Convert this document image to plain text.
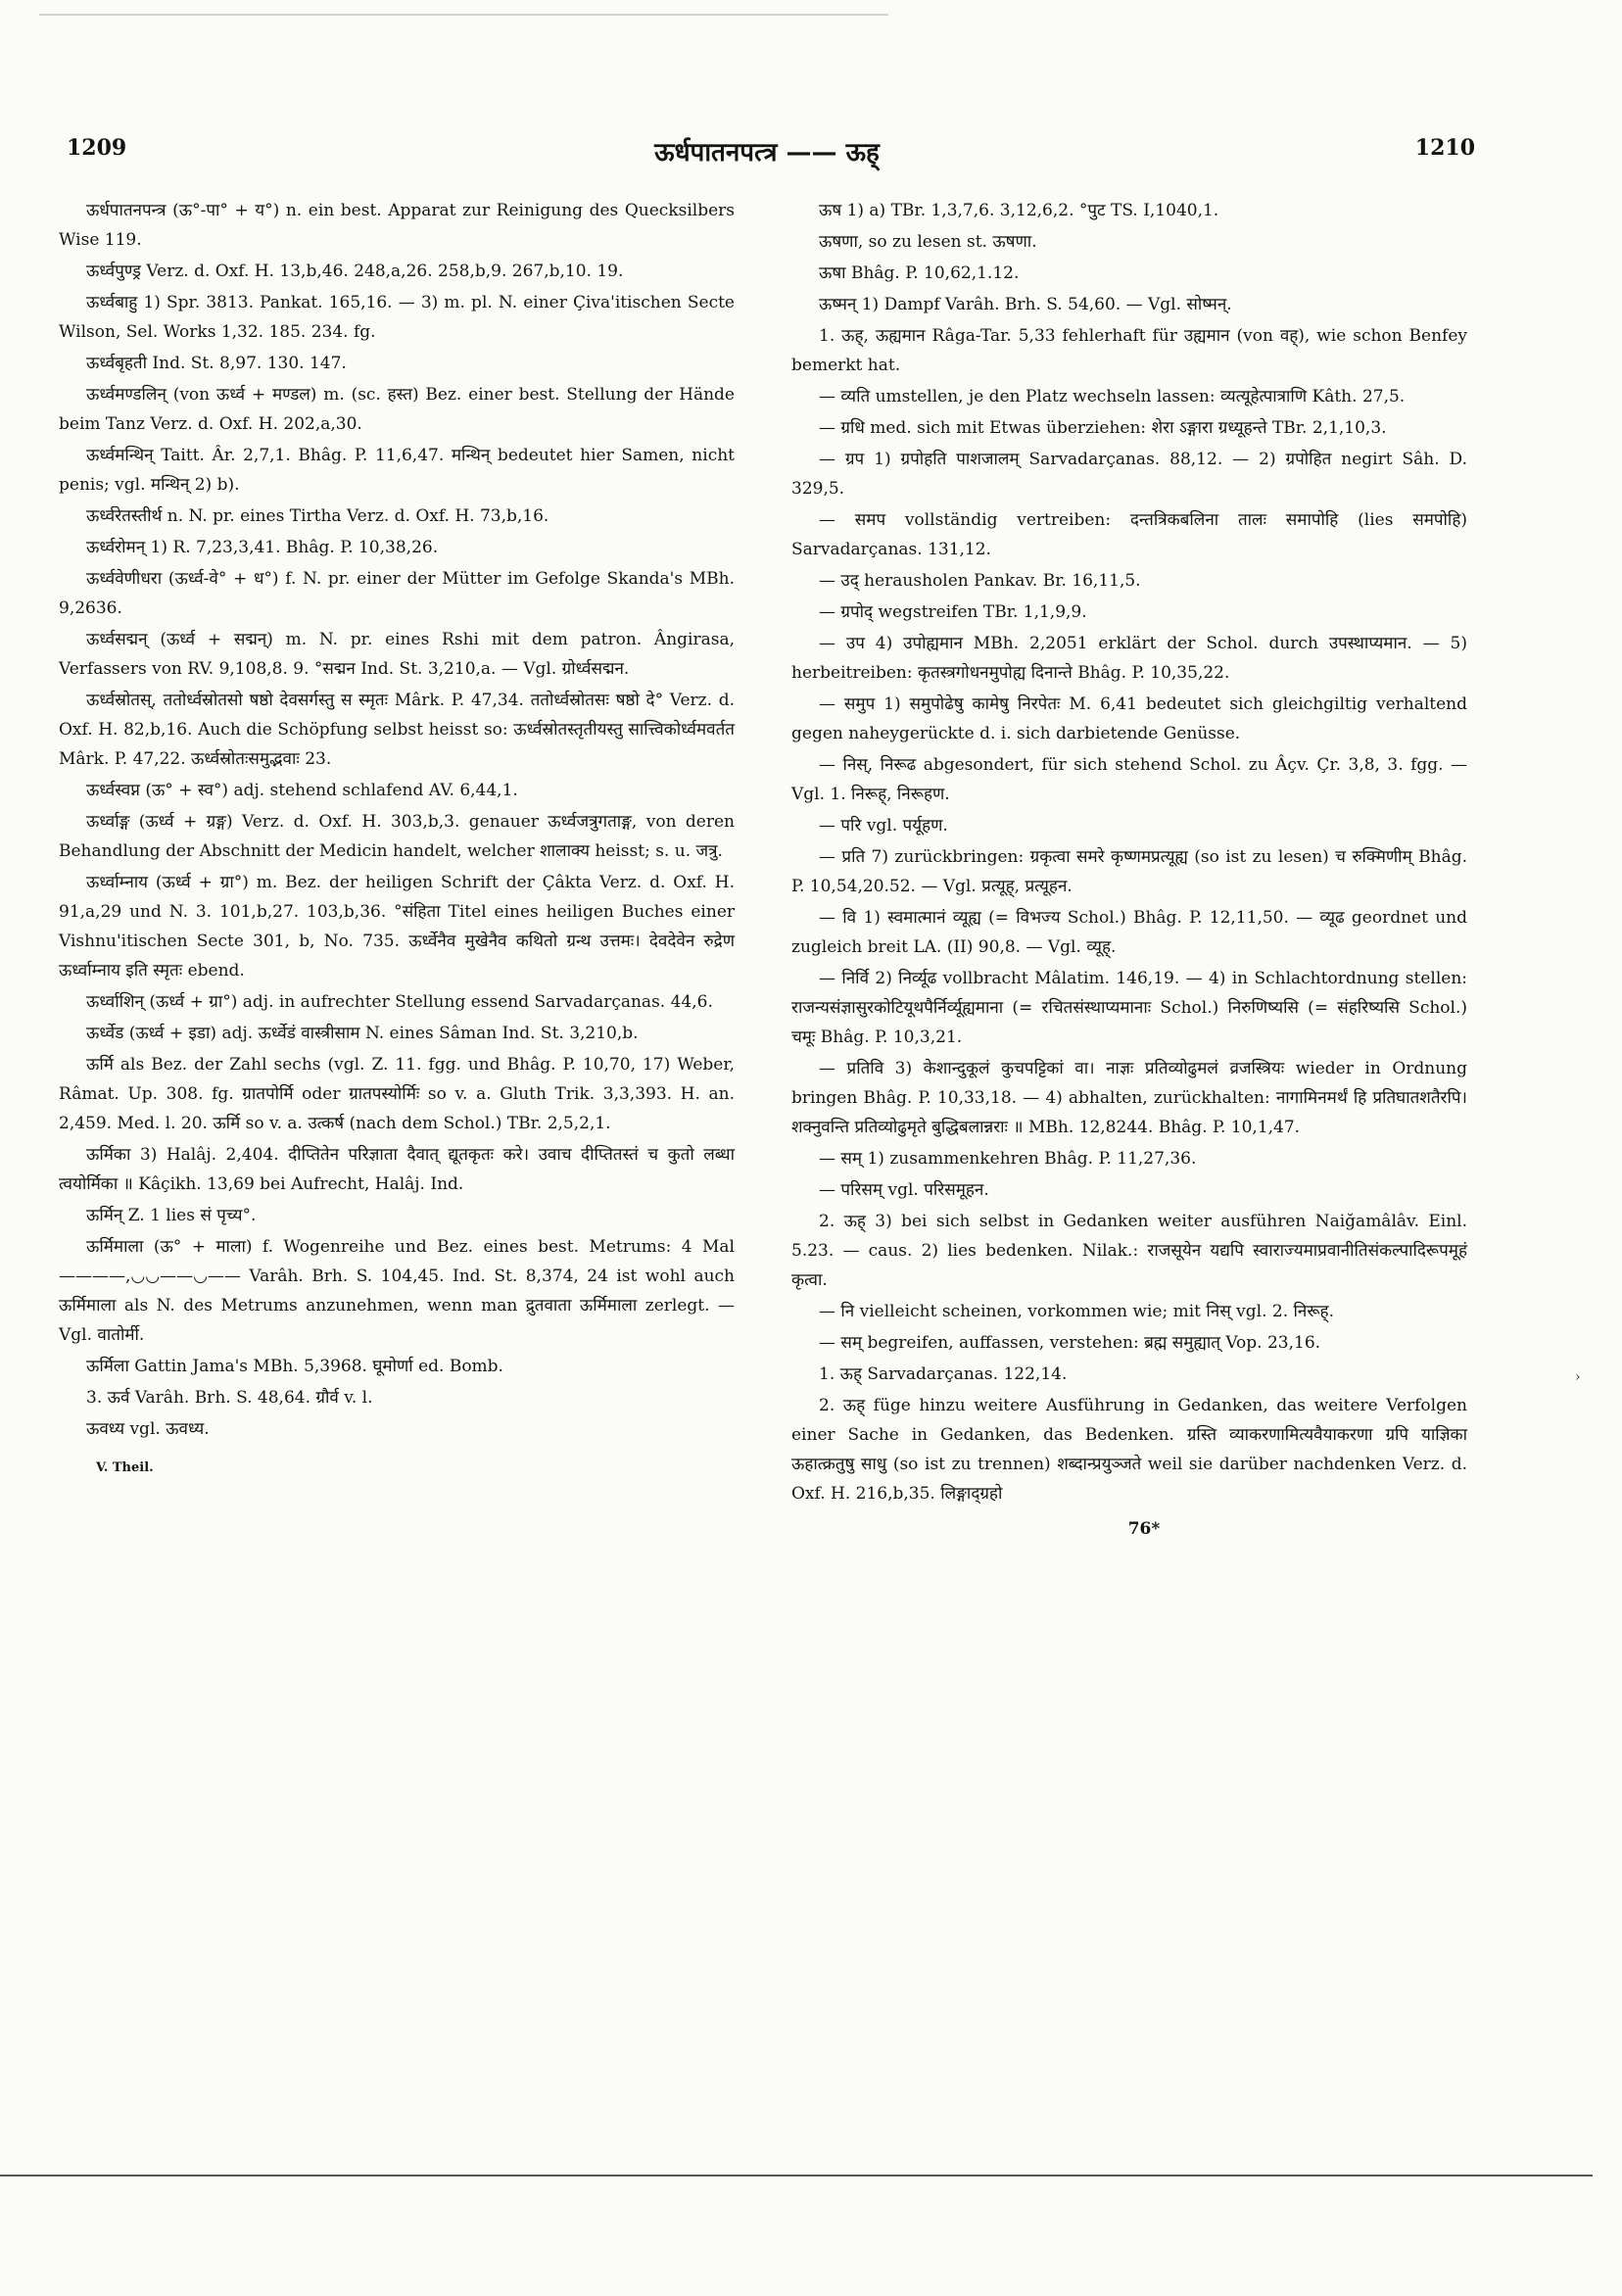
1209	ऊर्धपातनपत्त्र —— ऊह्	1210

ऊर्धपातनपन्त्र (ऊ°-पा° + य°) n. ein best. Apparat zur Reinigung des Quecksilbers Wise 119.

ऊर्ध्वपुण्ड्र Verz. d. Oxf. H. 13,b,46. 248,a,26. 258,b,9. 267,b,10. 19.

ऊर्ध्वबाहु 1) Spr. 3813. Pankat. 165,16. — 3) m. pl. N. einer Çiva'itischen Secte Wilson, Sel. Works 1,32. 185. 234. fg.

ऊर्ध्वबृहती Ind. St. 8,97. 130. 147.

ऊर्ध्वमण्डलिन् (von ऊर्ध्व + मण्डल) m. (sc. हस्त) Bez. einer best. Stellung der Hände beim Tanz Verz. d. Oxf. H. 202,a,30.

ऊर्ध्वमन्थिन् Taitt. Âr. 2,7,1. Bhâg. P. 11,6,47. मन्थिन् bedeutet hier Samen, nicht penis; vgl. मन्थिन् 2) b).

ऊर्ध्वरेतस्तीर्थ n. N. pr. eines Tirtha Verz. d. Oxf. H. 73,b,16.

ऊर्ध्वरोमन् 1) R. 7,23,3,41. Bhâg. P. 10,38,26.

ऊर्ध्ववेणीधरा (ऊर्ध्व-वे° + ध°) f. N. pr. einer der Mütter im Gefolge Skanda's MBh. 9,2636.

ऊर्ध्वसद्मन् (ऊर्ध्व + सद्मन्) m. N. pr. eines Rshi mit dem patron. Ângirasa, Verfassers von RV. 9,108,8. 9. °सद्मन Ind. St. 3,210,a. — Vgl. ग्रोर्ध्वसद्मन.

ऊर्ध्वस्रोतस्, ततोर्ध्वस्रोतसो षष्ठो देवसर्गस्तु स स्मृतः Mârk. P. 47,34. ततोर्ध्वस्रोतसः षष्ठो दे° Verz. d. Oxf. H. 82,b,16. Auch die Schöpfung selbst heisst so: ऊर्ध्वस्रोतस्तृतीयस्तु सात्त्विकोर्ध्वमवर्तत Mârk. P. 47,22. ऊर्ध्वस्रोतःसमुद्भवाः 23.

ऊर्ध्वस्वप्न (ऊ° + स्व°) adj. stehend schlafend AV. 6,44,1.

ऊर्ध्वाङ्ग (ऊर्ध्व + ग्रङ्ग) Verz. d. Oxf. H. 303,b,3. genauer ऊर्ध्वजत्रुगताङ्ग, von deren Behandlung der Abschnitt der Medicin handelt, welcher शालाक्य heisst; s. u. जत्रु.

ऊर्ध्वाम्नाय (ऊर्ध्व + ग्रा°) m. Bez. der heiligen Schrift der Çâkta Verz. d. Oxf. H. 91,a,29 und N. 3. 101,b,27. 103,b,36. °संहिता Titel eines heiligen Buches einer Vishnu'itischen Secte 301, b, No. 735. ऊर्ध्वेनैव मुखेनैव कथितो ग्रन्थ उत्तमः। देवदेवेन रुद्रेण ऊर्ध्वाम्नाय इति स्मृतः ebend.

ऊर्ध्वाशिन् (ऊर्ध्व + ग्रा°) adj. in aufrechter Stellung essend Sarvadarçanas. 44,6.

ऊर्ध्वेड (ऊर्ध्व + इडा) adj. ऊर्ध्वेडं वास्त्रीसाम N. eines Sâman Ind. St. 3,210,b.

ऊर्मि als Bez. der Zahl sechs (vgl. Z. 11. fgg. und Bhâg. P. 10,70, 17) Weber, Râmat. Up. 308. fg. ग्रातपोर्मि oder ग्रातपस्योर्मिः so v. a. Gluth Trik. 3,3,393. H. an. 2,459. Med. l. 20. ऊर्मि so v. a. उत्कर्ष (nach dem Schol.) TBr. 2,5,2,1.

ऊर्मिका 3) Halâj. 2,404. दीप्तितेन परिज्ञाता दैवात् द्यूतकृतः करे। उवाच दीप्तितस्तं च कुतो लब्धा त्वयोर्मिका ॥ Kâçikh. 13,69 bei Aufrecht, Halâj. Ind.

ऊर्मिन् Z. 1 lies सं पृच्य°.

ऊर्मिमाला (ऊ° + माला) f. Wogenreihe und Bez. eines best. Metrums: 4 Mal ————,◡◡——◡—— Varâh. Brh. S. 104,45. Ind. St. 8,374, 24 ist wohl auch ऊर्मिमाला als N. des Metrums anzunehmen, wenn man द्रुतवाता ऊर्मिमाला zerlegt. — Vgl. वातोर्मी.

ऊर्मिला Gattin Jama's MBh. 5,3968. घूमोर्णा ed. Bomb.

3. ऊर्व Varâh. Brh. S. 48,64. ग्रौर्व v. l.

ऊवध्य vgl. ऊवध्य.

V. Theil.

ऊष 1) a) TBr. 1,3,7,6. 3,12,6,2. °पुट TS. I,1040,1.

ऊषणा, so zu lesen st. ऊषणा.

ऊषा Bhâg. P. 10,62,1.12.

ऊष्मन् 1) Dampf Varâh. Brh. S. 54,60. — Vgl. सोष्मन्.

1. ऊह्, ऊह्यमान Râga-Tar. 5,33 fehlerhaft für उह्यमान (von वह्), wie schon Benfey bemerkt hat.

— व्यति umstellen, je den Platz wechseln lassen: व्यत्यूहेत्पात्राणि Kâth. 27,5.

— ग्रधि med. sich mit Etwas überziehen: शेरा ऽङ्गारा ग्रध्यूहन्ते TBr. 2,1,10,3.

— ग्रप 1) ग्रपोहति पाशजालम् Sarvadarçanas. 88,12. — 2) ग्रपोहित negirt Sâh. D. 329,5.

— समप vollständig vertreiben: दन्तत्रिकबलिना तालः समापोहि (lies समपोहि) Sarvadarçanas. 131,12.

— उद् herausholen Pankav. Br. 16,11,5.

— ग्रपोद् wegstreifen TBr. 1,1,9,9.

— उप 4) उपोह्यमान MBh. 2,2051 erklärt der Schol. durch उपस्थाप्यमान. — 5) herbeitreiben: कृतस्त्रगोधनमुपोह्य दिनान्ते Bhâg. P. 10,35,22.

— समुप 1) समुपोढेषु कामेषु निरपेतः M. 6,41 bedeutet sich gleichgiltig verhaltend gegen naheygerückte d. i. sich darbietende Genüsse.

— निस्, निरूढ abgesondert, für sich stehend Schol. zu Âçv. Çr. 3,8, 3. fgg. — Vgl. 1. निरूह्, निरूहण.

— परि vgl. पर्यूहण.

— प्रति 7) zurückbringen: ग्रकृत्वा समरे कृष्णमप्रत्यूह्य (so ist zu lesen) च रुक्मिणीम् Bhâg. P. 10,54,20.52. — Vgl. प्रत्यूह्, प्रत्यूहन.

— वि 1) स्वमात्मानं व्यूह्य (= विभज्य Schol.) Bhâg. P. 12,11,50. — व्यूढ geordnet und zugleich breit LA. (II) 90,8. — Vgl. व्यूह्.

— निर्वि 2) निर्व्यूढ vollbracht Mâlatim. 146,19. — 4) in Schlachtordnung stellen: राजन्यसंज्ञासुरकोटियूथपैर्निर्व्यूह्यमाना (= रचितसंस्थाप्यमानाः Schol.) निरुणिष्यसि (= संहरिष्यसि Schol.) चमूः Bhâg. P. 10,3,21.

— प्रतिवि 3) केशान्दुकूलं कुचपट्टिकां वा। नाज्ञः प्रतिव्योढुमलं व्रजस्त्रियः wieder in Ordnung bringen Bhâg. P. 10,33,18. — 4) abhalten, zurückhalten: नागामिनमर्थं हि प्रतिघातशतैरपि। शक्नुवन्ति प्रतिव्योढुमृते बुद्धिबलान्नराः ॥ MBh. 12,8244. Bhâg. P. 10,1,47.

— सम् 1) zusammenkehren Bhâg. P. 11,27,36.

— परिसम् vgl. परिसमूहन.

2. ऊह् 3) bei sich selbst in Gedanken weiter ausführen Naiğamâlâv. Einl. 5.23. — caus. 2) lies bedenken. Nilak.: राजसूयेन यद्यपि स्वाराज्यमाप्रवानीतिसंकल्पादिरूपमूहं कृत्वा.

— नि vielleicht scheinen, vorkommen wie; mit निस् vgl. 2. निरूह्.

— सम् begreifen, auffassen, verstehen: ब्रह्म समुह्यात् Vop. 23,16.

1. ऊह् Sarvadarçanas. 122,14.

2. ऊह् füge hinzu weitere Ausführung in Gedanken, das weitere Verfolgen einer Sache in Gedanken, das Bedenken. ग्रस्ति व्याकरणामित्यवैयाकरणा ग्रपि याज्ञिका ऊहात्क्रतुषु साधु (so ist zu trennen) शब्दान्प्रयुञ्जते weil sie darüber nachdenken Verz. d. Oxf. H. 216,b,35. लिङ्गाद्ग्रहो

76*

›
